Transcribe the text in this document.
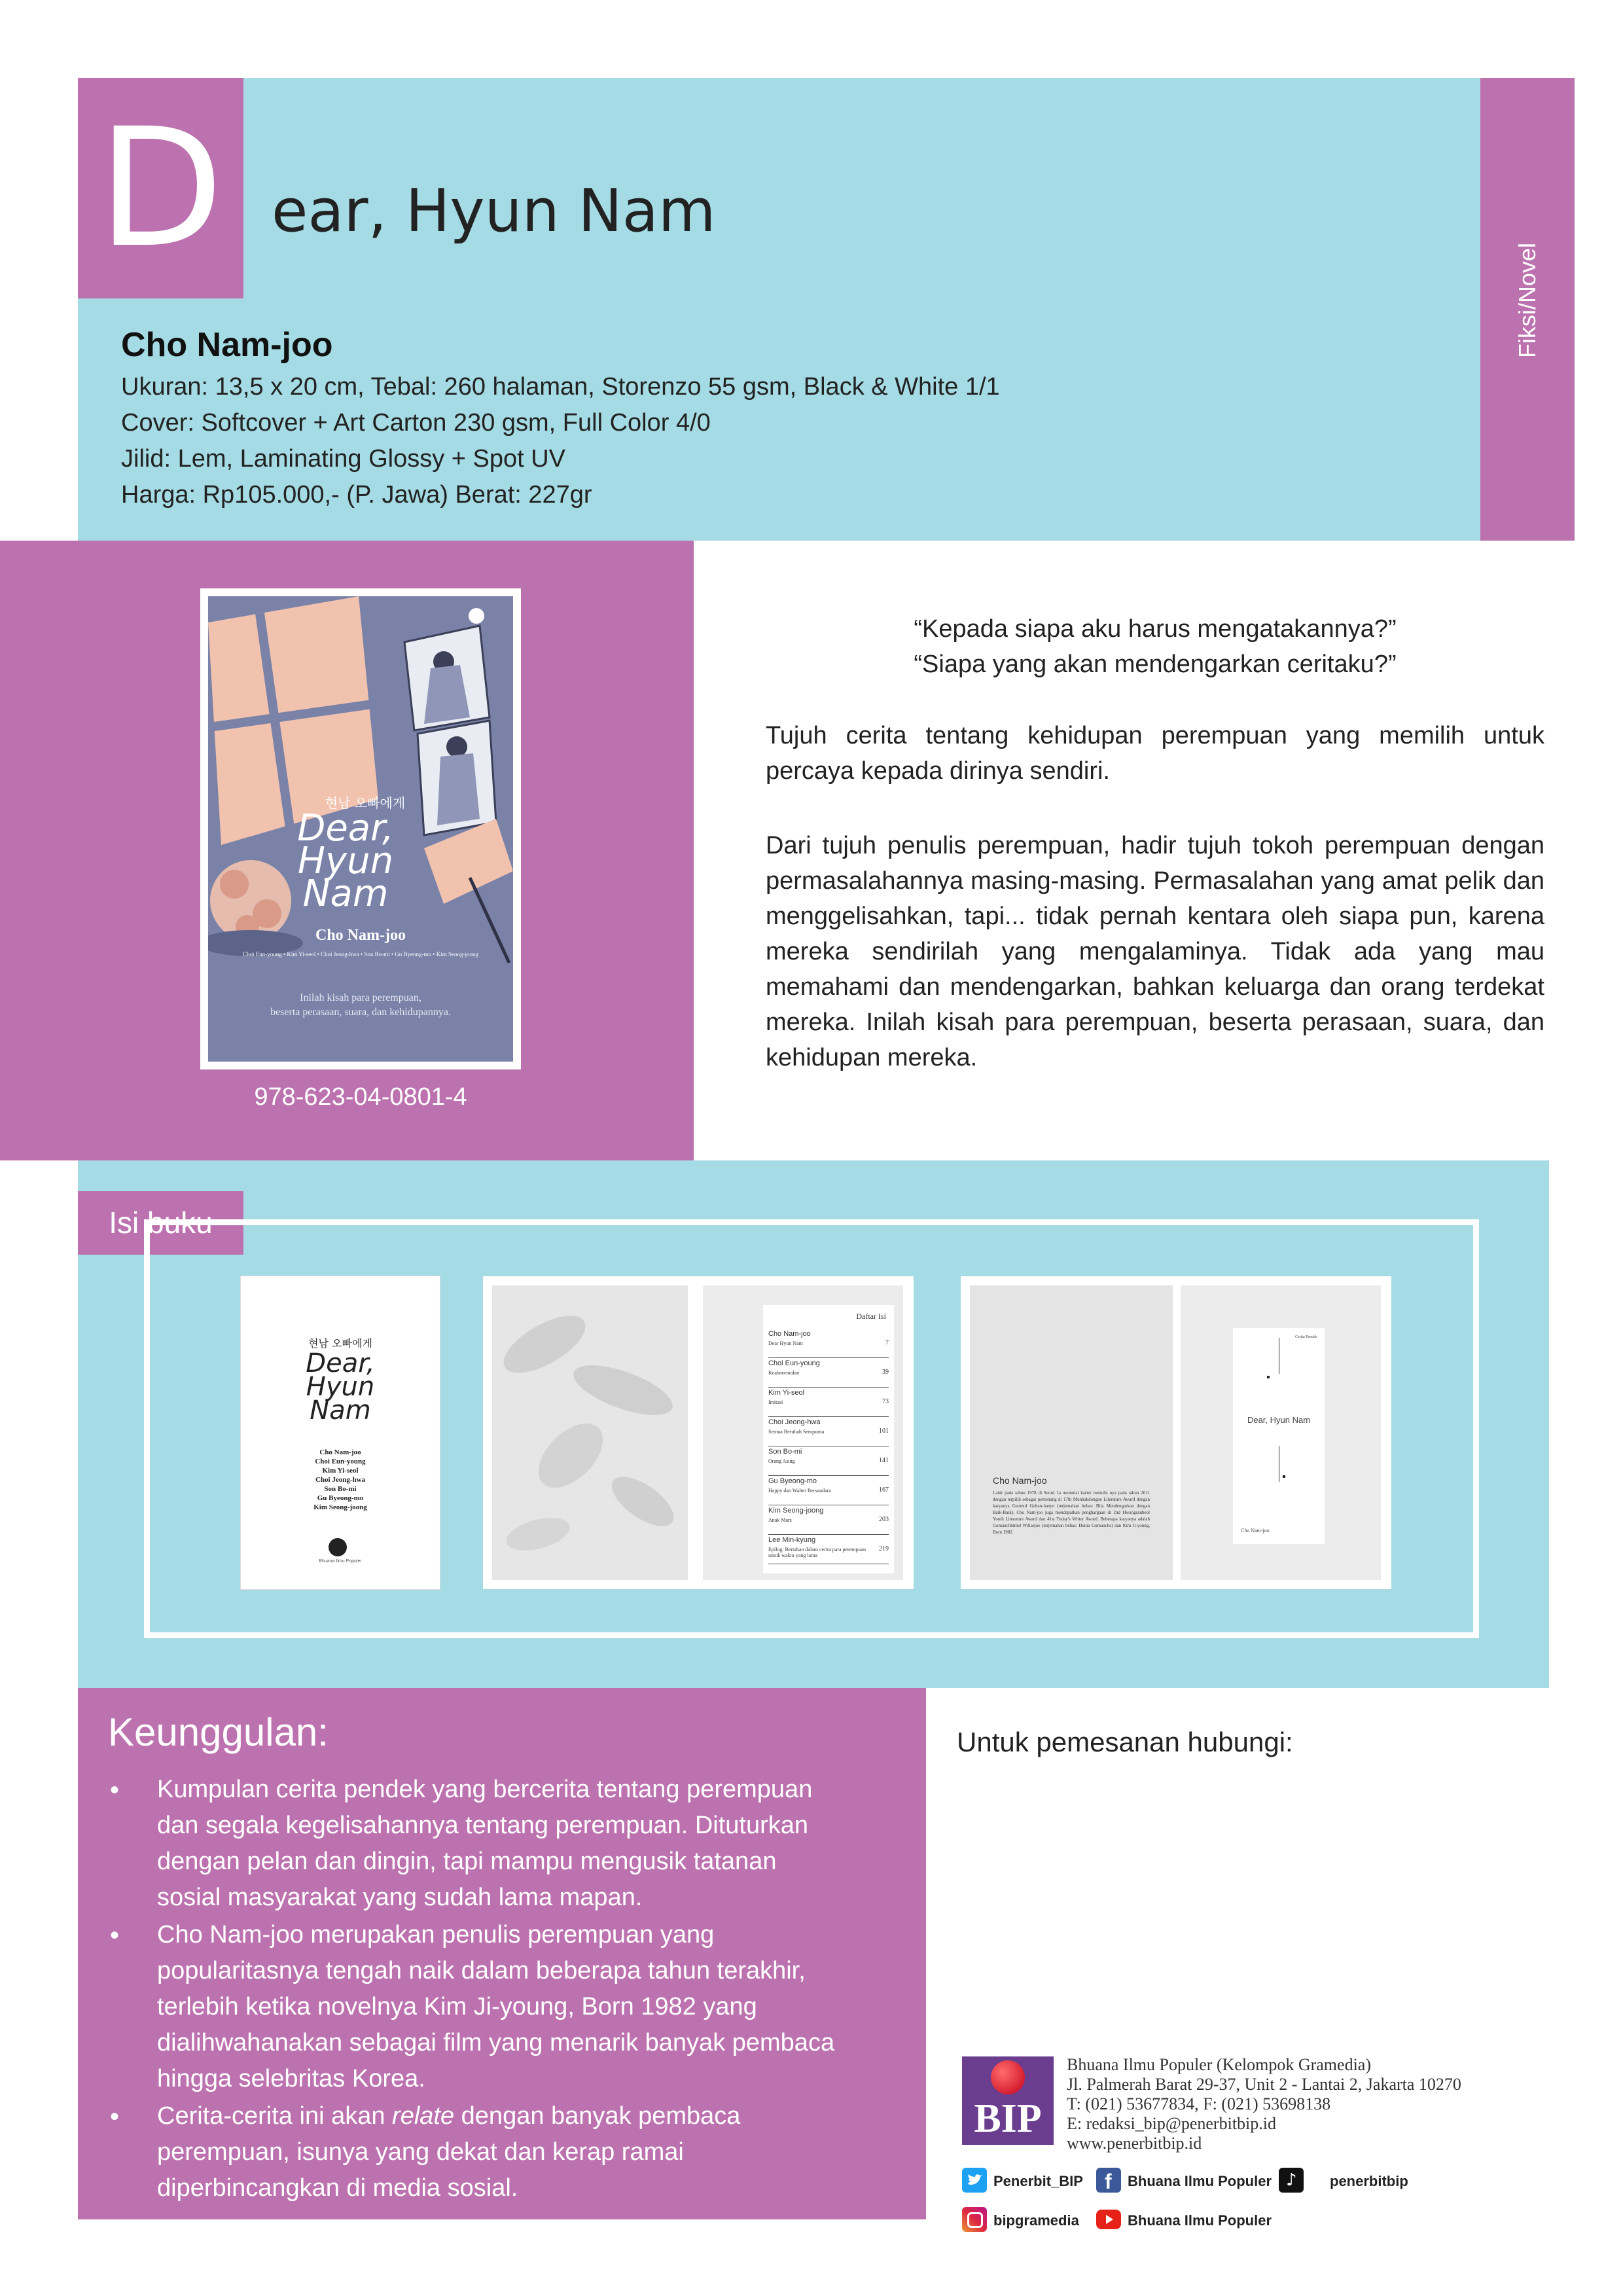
D ear, Hyun Nam
Fiksi/Novel
Cho Nam-joo
Ukuran: 13,5 x 20 cm, Tebal: 260 halaman, Storenzo 55 gsm, Black & White 1/1
Cover: Softcover + Art Carton 230 gsm, Full Color 4/0
Jilid: Lem, Laminating Glossy + Spot UV
Harga: Rp105.000,- (P. Jawa) Berat: 227gr
현남 오빠에게
Dear,
Hyun
Nam
Cho Nam-joo
Choi Eun-young • Kim Yi-seol • Choi Jeong-hwa • Son Bo-mi • Gu Byeong-mo • Kim Seong-joong
Inilah kisah para perempuan,
beserta perasaan, suara, dan kehidupannya.
978-623-04-0801-4
“Kepada siapa aku harus mengatakannya?”
“Siapa yang akan mendengarkan ceritaku?”
Tujuh cerita tentang kehidupan perempuan yang memilih untuk percaya kepada dirinya sendiri.
Dari tujuh penulis perempuan, hadir tujuh tokoh perempuan dengan permasalahannya masing-masing. Permasalahan yang amat pelik dan menggelisahkan, tapi... tidak pernah kentara oleh siapa pun, karena mereka sendirilah yang mengalaminya. Tidak ada yang mau memahami dan mendengarkan, bahkan keluarga dan orang terdekat mereka. Inilah kisah para perempuan, beserta perasaan, suara, dan kehidupan mereka.
Isi buku
현남 오빠에게
Dear,
Hyun
Nam
Cho Nam-joo
Choi Eun-young
Kim Yi-seol
Choi Jeong-hwa
Son Bo-mi
Gu Byeong-mo
Kim Seong-joong
Bhuana Ilmu Populer
Daftar Isi
Cho Nam-joo
Dear Hyun Nam	7
Choi Eun-young
Keabnormalan	39
Kim Yi-seol
Imitasi	73
Choi Jeong-hwa
Semua Berubah Sempurna	101
Son Bo-mi
Orang Asing	141
Gu Byeong-mo
Happy dan Walter Bersaudara	167
Kim Seong-joong
Anak Mars	203
Lee Min-kyung
Epilog: Bertahan dalam cerita para perempuan untuk waktu yang lama
219
Cho Nam-joo
Lahir pada tahun 1978 di Seoul. Ia memulai karier menulis nya pada tahun 2011 dengan terpilih sebagai pemenang di 17th Munhakdongne Literature Award dengan karyanya Geomul Gohan-haeyo (terjemahan bebas: Bila Mendengarkan dengan Baik-Baik). Cho Nam-joo juga mendapatkan penghargaan di 2nd Hwangsanbeol Youth Literature Award dan 41st Today's Writer Award. Beberapa karyanya adalah Gomanchhimel Wiliaejoe (terjemahan bebas: Dunia Gomanche) dan Kim Ji-young, Born 1982.
Cerita Pendek
Dear, Hyun Nam
Cho Nam-joo
Keunggulan:
• Kumpulan cerita pendek yang bercerita tentang perempuan
dan segala kegelisahannya tentang perempuan. Dituturkan
dengan pelan dan dingin, tapi mampu mengusik tatanan
sosial masyarakat yang sudah lama mapan.
• Cho Nam-joo merupakan penulis perempuan yang
popularitasnya tengah naik dalam beberapa tahun terakhir,
terlebih ketika novelnya Kim Ji-young, Born 1982 yang
dialihwahanakan sebagai film yang menarik banyak pembaca
hingga selebritas Korea.
• Cerita-cerita ini akan relate dengan banyak pembaca
perempuan, isunya yang dekat dan kerap ramai
diperbincangkan di media sosial.
Untuk pemesanan hubungi:
BIP
Bhuana Ilmu Populer (Kelompok Gramedia)
Jl. Palmerah Barat 29-37, Unit 2 - Lantai 2, Jakarta 10270
T: (021) 53677834, F: (021) 53698138
E: redaksi_bip@penerbitbip.id
www.penerbitbip.id
Penerbit_BIP f Bhuana Ilmu Populer ♪ penerbitbip
bipgramedia	Bhuana Ilmu Populer
